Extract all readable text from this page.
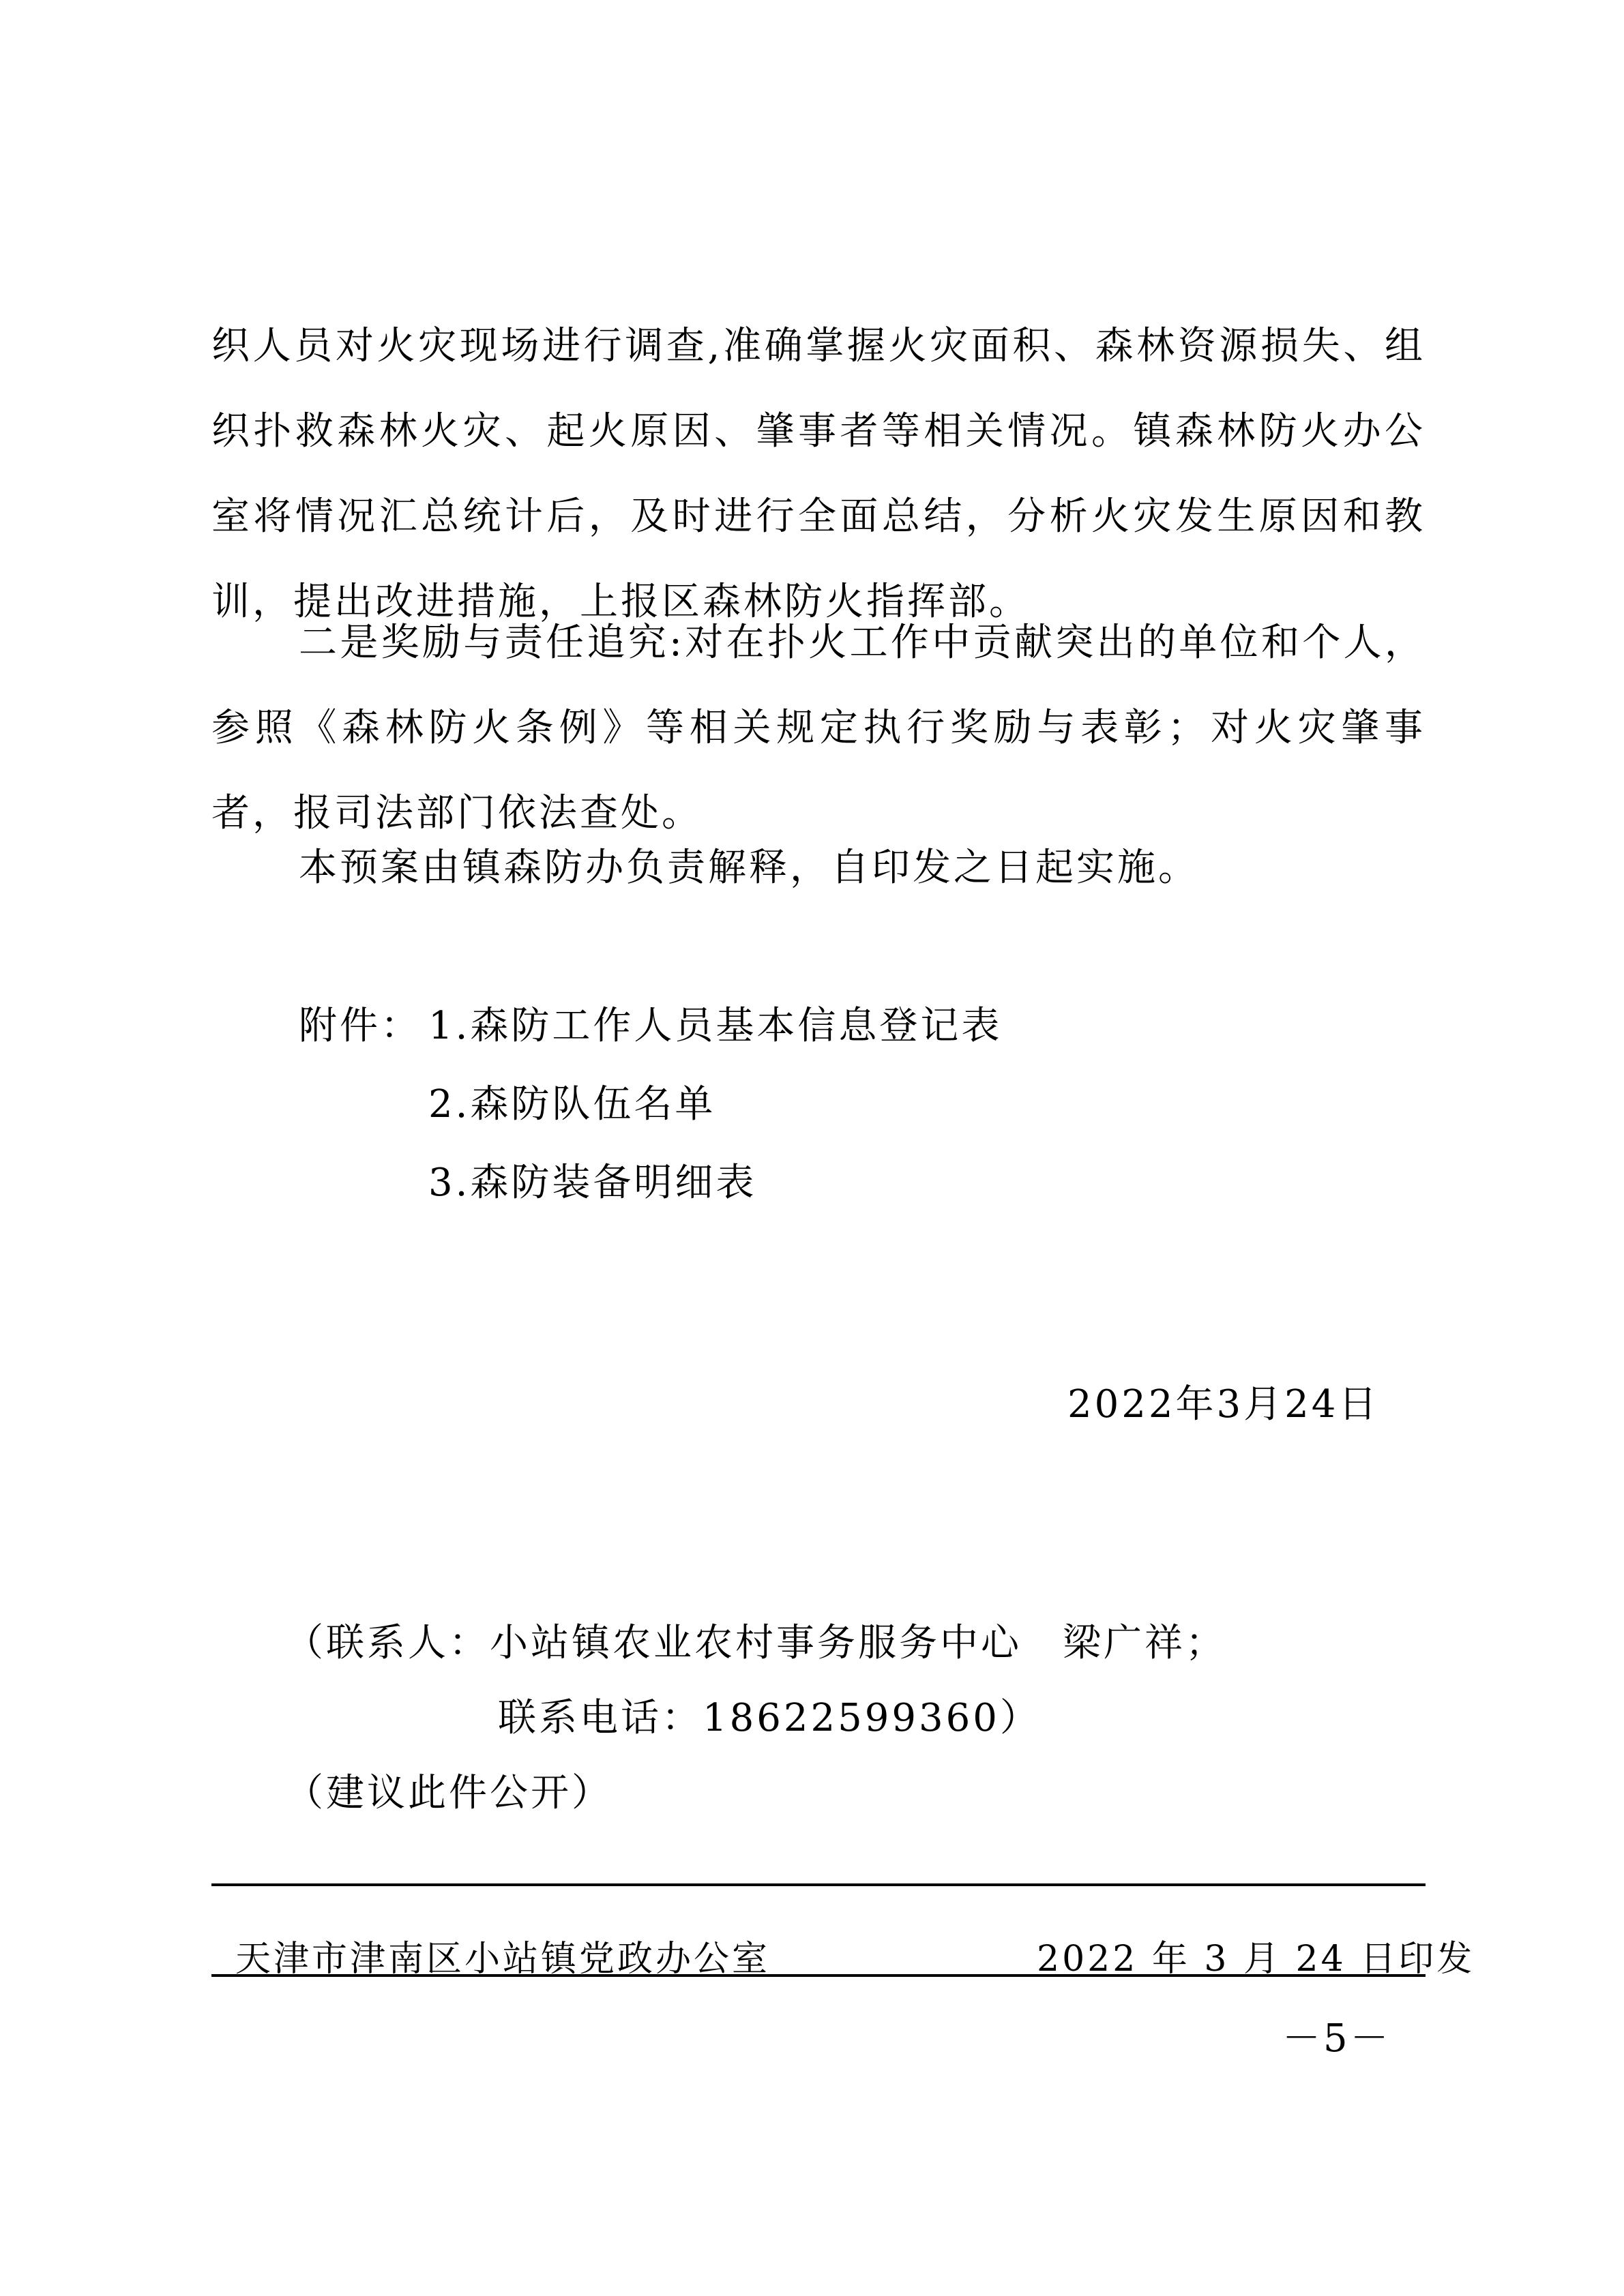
织人员对火灾现场进行调查,准确掌握火灾面积、森林资源损失、组织扑救森林火灾、起火原因、肇事者等相关情况。镇森林防火办公室将情况汇总统计后，及时进行全面总结，分析火灾发生原因和教训，提出改进措施，上报区森林防火指挥部。

二是奖励与责任追究:对在扑火工作中贡献突出的单位和个人，参照《森林防火条例》等相关规定执行奖励与表彰；对火灾肇事者，报司法部门依法查处。

本预案由镇森防办负责解释，自印发之日起实施。

附件： 1.森防工作人员基本信息登记表
2.森防队伍名单
3.森防装备明细表
2022年3月24日
（联系人：小站镇农业农村事务服务中心　梁广祥；
联系电话：18622599360）
（建议此件公开）
天津市津南区小站镇党政办公室	2022 年 3 月 24 日印发
－5－
